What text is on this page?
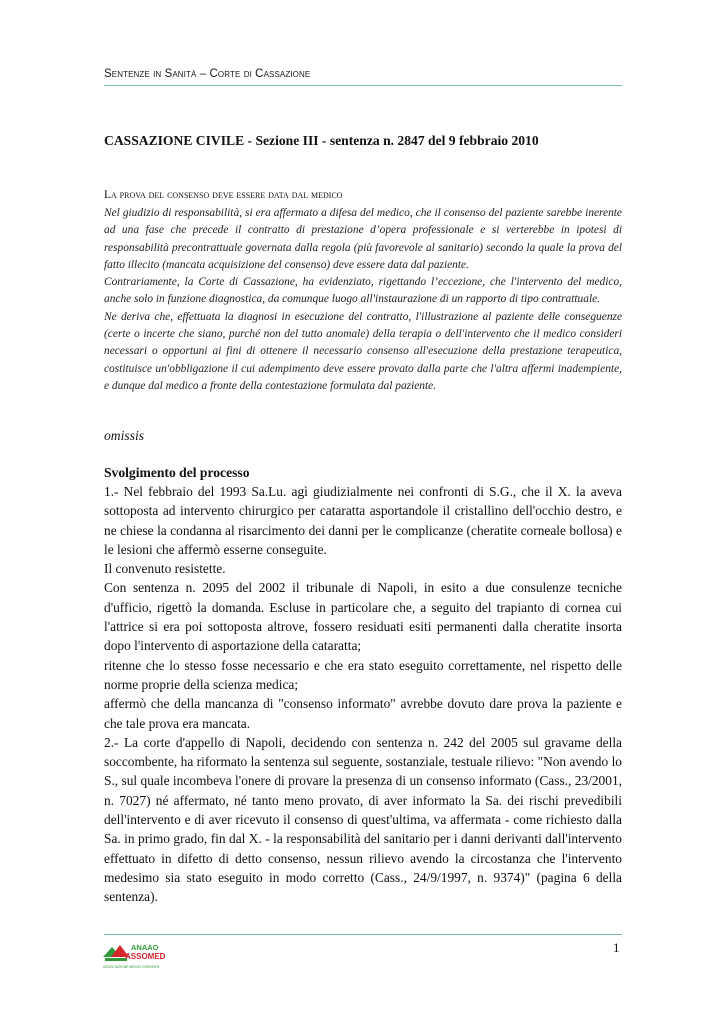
Sentenze in Sanità – Corte di Cassazione
CASSAZIONE CIVILE - Sezione III - sentenza n. 2847 del 9 febbraio 2010
La prova del consenso deve essere data dal medico

Nel giudizio di responsabilità, si era affermato a difesa del medico, che il consenso del paziente sarebbe inerente ad una fase che precede il contratto di prestazione d’opera professionale e si verterebbe in ipotesi di responsabilità precontrattuale governata dalla regola (più favorevole al sanitario) secondo la quale la prova del fatto illecito (mancata acquisizione del consenso) deve essere data dal paziente.

Contrariamente, la Corte di Cassazione, ha evidenziato, rigettando l’eccezione, che l'intervento del medico, anche solo in funzione diagnostica, da comunque luogo all'instaurazione di un rapporto di tipo contrattuale.

Ne deriva che, effettuata la diagnosi in esecuzione del contratto, l'illustrazione al paziente delle conseguenze (certe o incerte che siano, purché non del tutto anomale) della terapia o dell'intervento che il medico consideri necessari o opportuni ai fini di ottenere il necessario consenso all'esecuzione della prestazione terapeutica, costituisce un'obbligazione il cui adempimento deve essere provato dalla parte che l'altra affermi inadempiente, e dunque dal medico a fronte della contestazione formulata dal paziente.

omissis
Svolgimento del processo

1.- Nel febbraio del 1993 Sa.Lu. agì giudizialmente nei confronti di S.G., che il X. la aveva sottoposta ad intervento chirurgico per cataratta asportandole il cristallino dell'occhio destro, e ne chiese la condanna al risarcimento dei danni per le complicanze (cheratite corneale bollosa) e le lesioni che affermò esserne conseguite.

Il convenuto resistette.

Con sentenza n. 2095 del 2002 il tribunale di Napoli, in esito a due consulenze tecniche d'ufficio, rigettò la domanda. Escluse in particolare che, a seguito del trapianto di cornea cui l'attrice si era poi sottoposta altrove, fossero residuati esiti permanenti dalla cheratite insorta dopo l'intervento di asportazione della cataratta;

ritenne che lo stesso fosse necessario e che era stato eseguito correttamente, nel rispetto delle norme proprie della scienza medica;

affermò che della mancanza di "consenso informato" avrebbe dovuto dare prova la paziente e che tale prova era mancata.

2.- La corte d'appello di Napoli, decidendo con sentenza n. 242 del 2005 sul gravame della soccombente, ha riformato la sentenza sul seguente, sostanziale, testuale rilievo: "Non avendo lo S., sul quale incombeva l'onere di provare la presenza di un consenso informato (Cass., 23/2001, n. 7027) né affermato, né tanto meno provato, di aver informato la Sa. dei rischi prevedibili dell'intervento e di aver ricevuto il consenso di quest'ultima, va affermata - come richiesto dalla Sa. in primo grado, fin dal X. - la responsabilità del sanitario per i danni derivanti dall'intervento effettuato in difetto di detto consenso, nessun rilievo avendo la circostanza che l'intervento medesimo sia stato eseguito in modo corretto (Cass., 24/9/1997, n. 9374)" (pagina 6 della sentenza).

ANAAO
ASSOMED
ASSOCIAZIONE MEDICI DIRIGENTI
1
